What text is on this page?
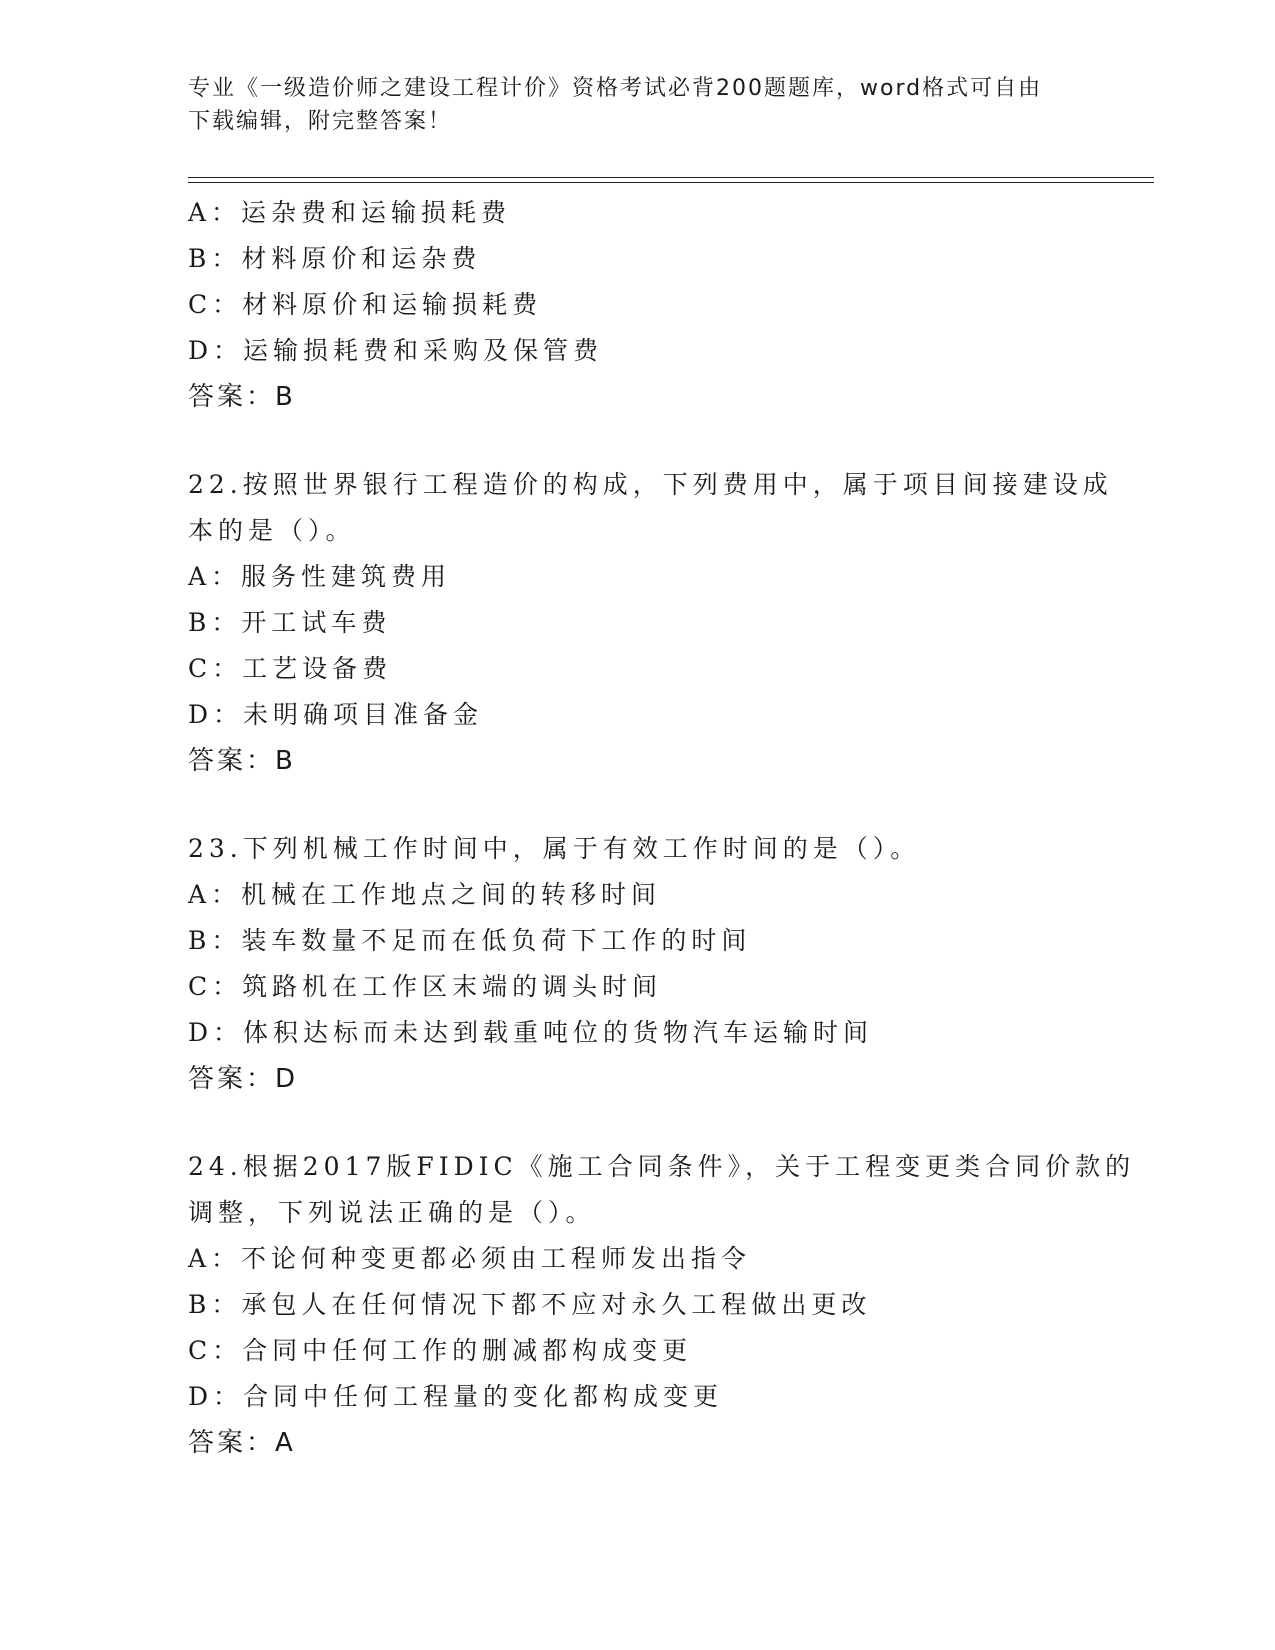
专业《一级造价师之建设工程计价》资格考试必背200题题库，word格式可自由
下载编辑，附完整答案！
A：运杂费和运输损耗费
B：材料原价和运杂费
C：材料原价和运输损耗费
D：运输损耗费和采购及保管费
答案：B
22.按照世界银行工程造价的构成，下列费用中，属于项目间接建设成
本的是（）。
A：服务性建筑费用
B：开工试车费
C：工艺设备费
D：未明确项目准备金
答案：B
23.下列机械工作时间中，属于有效工作时间的是（）。
A：机械在工作地点之间的转移时间
B：装车数量不足而在低负荷下工作的时间
C：筑路机在工作区末端的调头时间
D：体积达标而未达到载重吨位的货物汽车运输时间
答案：D
24.根据2017版FIDIC《施工合同条件》，关于工程变更类合同价款的
调整，下列说法正确的是（）。
A：不论何种变更都必须由工程师发出指令
B：承包人在任何情况下都不应对永久工程做出更改
C：合同中任何工作的删减都构成变更
D：合同中任何工程量的变化都构成变更
答案：A
